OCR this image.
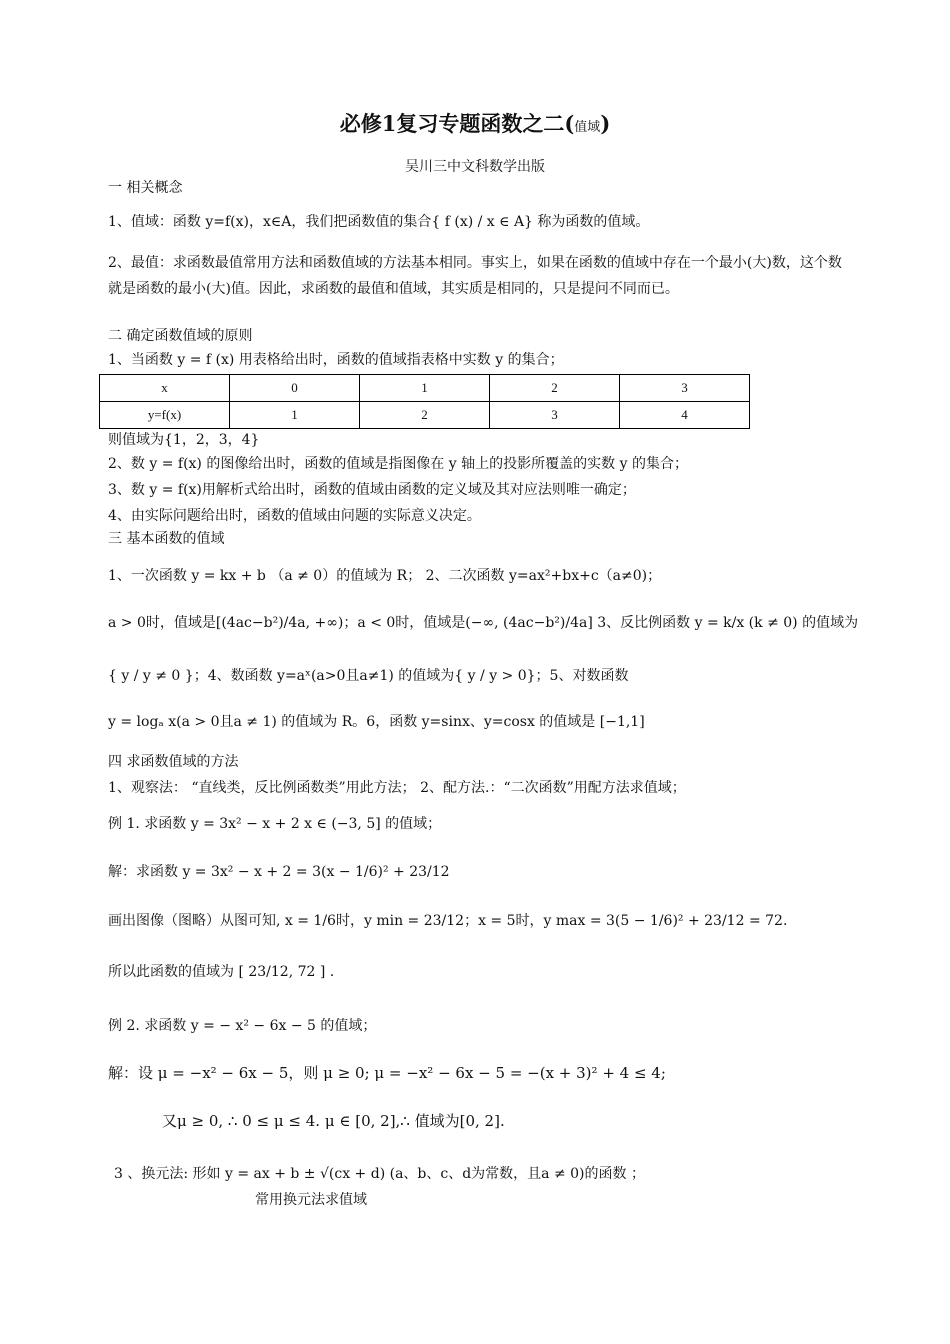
必修1复习专题函数之二(值域)
吴川三中文科数学出版
一 相关概念
1、值域：函数 y=f(x)，x∈A，我们把函数值的集合{ f (x) / x ∈ A} 称为函数的值域。
2、最值：求函数最值常用方法和函数值域的方法基本相同。事实上，如果在函数的值域中存在一个最小(大)数，这个数就是函数的最小(大)值。因此，求函数的最值和值域，其实质是相同的，只是提问不同而已。
二 确定函数值域的原则
1、当函数 y = f (x) 用表格给出时，函数的值域指表格中实数 y 的集合；
x	0	1	2	3
y=f(x)	1	2	3	4
则值域为{1，2，3，4}
2、数 y = f(x) 的图像给出时，函数的值域是指图像在 y 轴上的投影所覆盖的实数 y 的集合；
3、数 y = f(x)用解析式给出时，函数的值域由函数的定义域及其对应法则唯一确定；
4、由实际问题给出时，函数的值域由问题的实际意义决定。
三 基本函数的值域
1、一次函数 y = kx + b （a ≠ 0）的值域为 R； 2、二次函数 y=ax²+bx+c（a≠0)；
a > 0时，值域是[(4ac−b²)/4a, +∞)；a < 0时，值域是(−∞, (4ac−b²)/4a] 3、反比例函数 y = k/x (k ≠ 0) 的值域为
{ y / y ≠ 0 }；4、数函数 y=aˣ(a>0且a≠1) 的值域为{ y / y > 0}；5、对数函数
y = logₐ x(a > 0且a ≠ 1) 的值域为 R。6，函数 y=sinx、y=cosx 的值域是 [−1,1]
四 求函数值域的方法
1、观察法： “直线类，反比例函数类”用此方法； 2、配方法.：“二次函数”用配方法求值域；
例 1. 求函数 y = 3x² − x + 2 x ∈ (−3, 5] 的值域；
解：求函数 y = 3x² − x + 2 = 3(x − 1/6)² + 23/12
画出图像（图略）从图可知, x = 1/6时，y min = 23/12；x = 5时，y max = 3(5 − 1/6)² + 23/12 = 72.
所以此函数的值域为 [ 23/12, 72 ] .
例 2. 求函数 y = − x² − 6x − 5 的值域；
解：设 μ = −x² − 6x − 5，则 μ ≥ 0; μ = −x² − 6x − 5 = −(x + 3)² + 4 ≤ 4;
又μ ≥ 0, ∴ 0 ≤ μ ≤ 4. μ ∈ [0, 2],∴ 值域为[0, 2].
3 、换元法: 形如 y = ax + b ± √(cx + d) (a、b、c、d为常数，且a ≠ 0)的函数 ；
常用换元法求值域
